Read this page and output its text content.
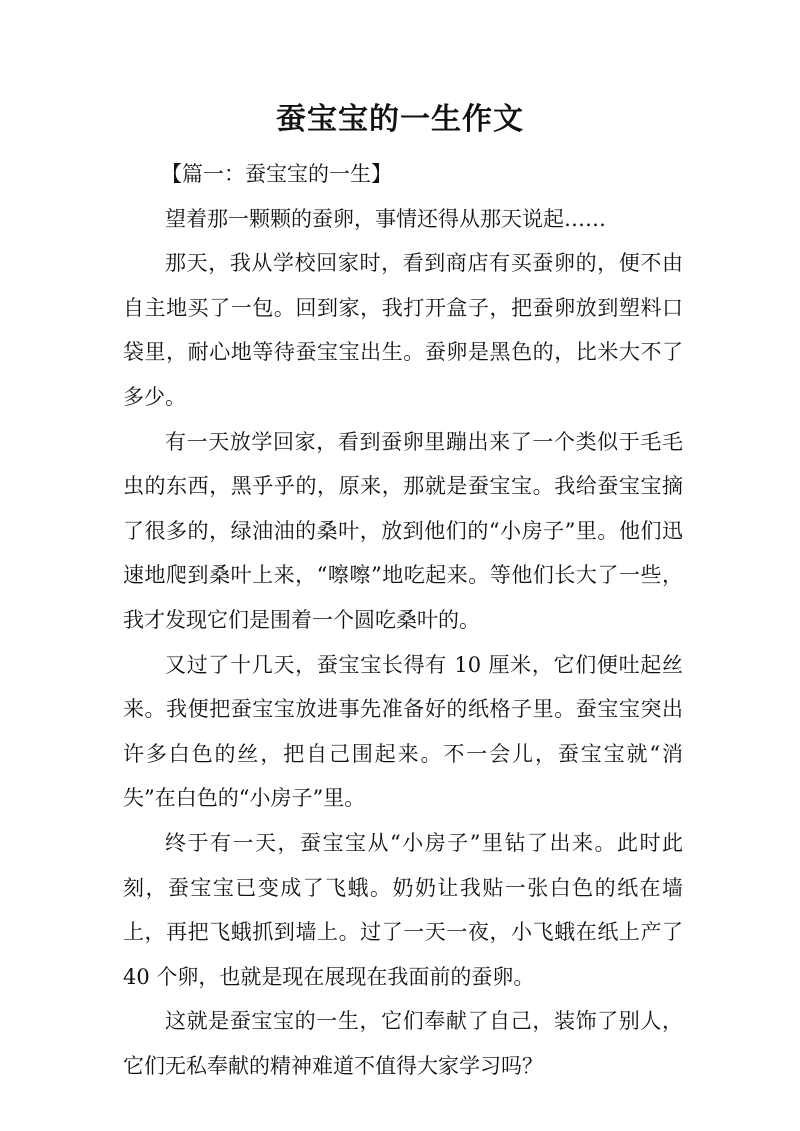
蚕宝宝的一生作文

【篇一：蚕宝宝的一生】

望着那一颗颗的蚕卵，事情还得从那天说起……

那天，我从学校回家时，看到商店有买蚕卵的，便不由自主地买了一包。回到家，我打开盒子，把蚕卵放到塑料口袋里，耐心地等待蚕宝宝出生。蚕卵是黑色的，比米大不了多少。

有一天放学回家，看到蚕卵里蹦出来了一个类似于毛毛虫的东西，黑乎乎的，原来，那就是蚕宝宝。我给蚕宝宝摘了很多的，绿油油的桑叶，放到他们的“小房子”里。他们迅速地爬到桑叶上来，“嚓嚓”地吃起来。等他们长大了一些，我才发现它们是围着一个圆吃桑叶的。

又过了十几天，蚕宝宝长得有 10 厘米，它们便吐起丝来。我便把蚕宝宝放进事先准备好的纸格子里。蚕宝宝突出许多白色的丝，把自己围起来。不一会儿，蚕宝宝就“消失”在白色的“小房子”里。

终于有一天，蚕宝宝从“小房子”里钻了出来。此时此刻，蚕宝宝已变成了飞蛾。奶奶让我贴一张白色的纸在墙上，再把飞蛾抓到墙上。过了一天一夜，小飞蛾在纸上产了 40 个卵，也就是现在展现在我面前的蚕卵。

这就是蚕宝宝的一生，它们奉献了自己，装饰了别人，它们无私奉献的精神难道不值得大家学习吗？
